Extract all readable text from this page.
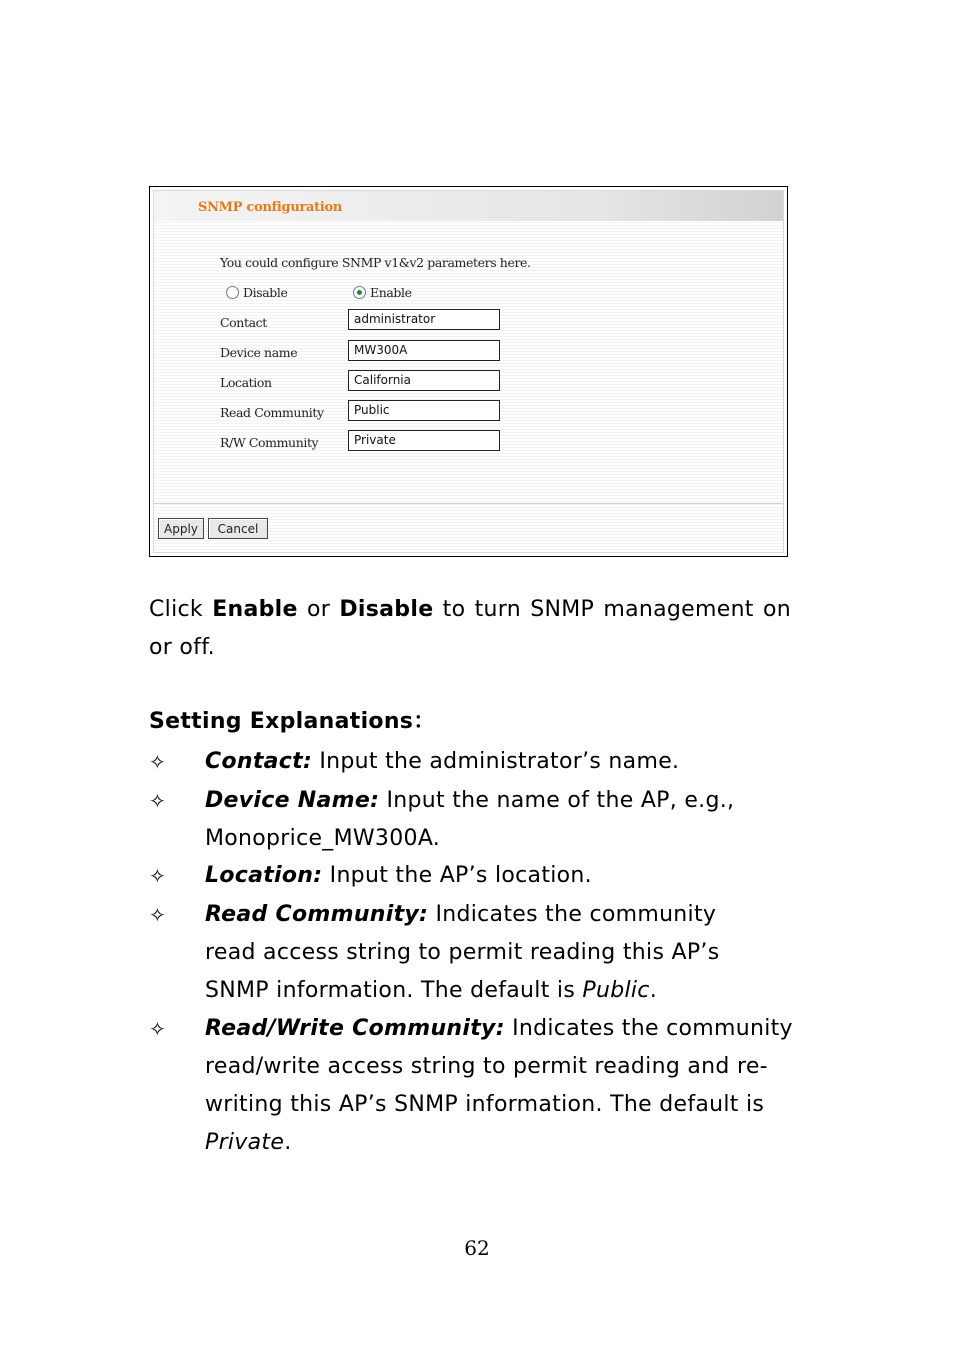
SNMP configuration
You could configure SNMP v1&v2 parameters here.
Disable	Enable
Contact	administrator
Device name	MW300A
Location	California
Read Community	Public
R/W Community	Private
Apply	Cancel
Click Enable or Disable to turn SNMP management on or off.
Setting Explanations：
✧ Contact: Input the administrator’s name.
✧ Device Name: Input the name of the AP, e.g., Monoprice_MW300A.
✧ Location: Input the AP’s location.
✧ Read Community: Indicates the community read access string to permit reading this AP’s SNMP information. The default is Public.
✧ Read/Write Community: Indicates the community read/write access string to permit reading and re-writing this AP’s SNMP information. The default is Private.
62
